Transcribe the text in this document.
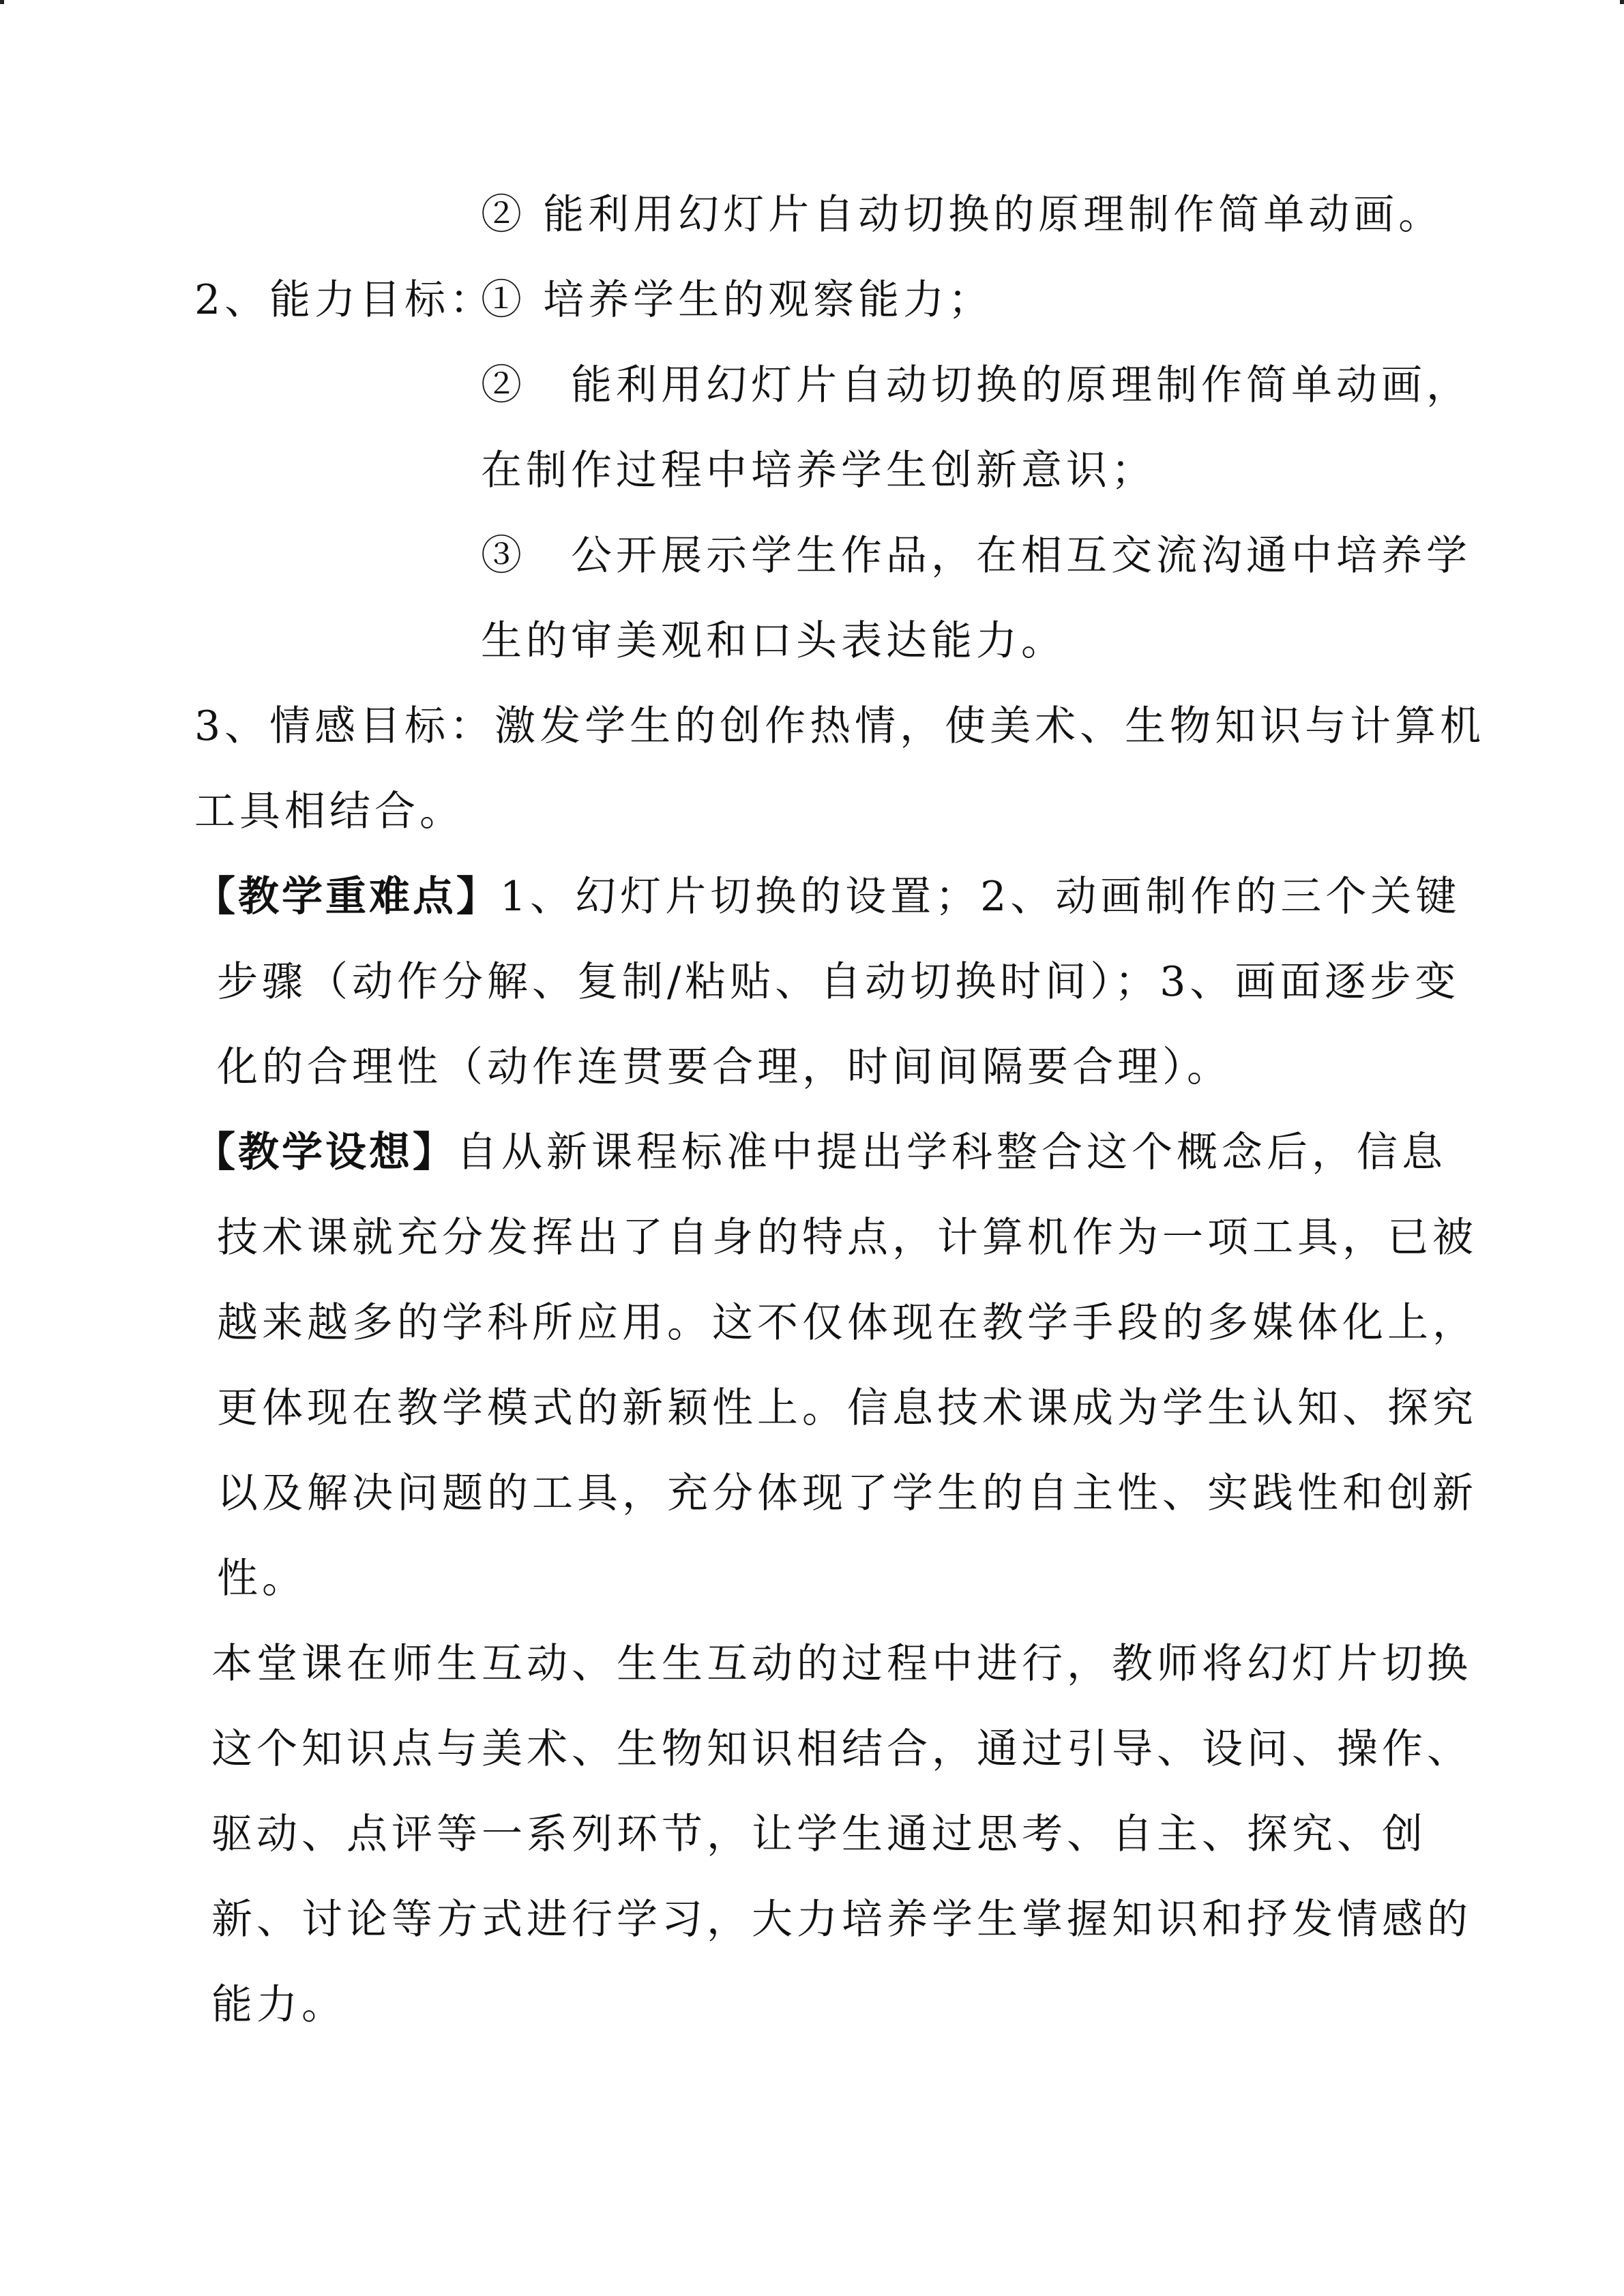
② 能利用幻灯片自动切换的原理制作简单动画。

2、能力目标：

① 培养学生的观察能力；

②　能利用幻灯片自动切换的原理制作简单动画，

在制作过程中培养学生创新意识；

③　公开展示学生作品，在相互交流沟通中培养学

生的审美观和口头表达能力。

3、情感目标：激发学生的创作热情，使美术、生物知识与计算机

工具相结合。

【教学重难点】1、幻灯片切换的设置；2、动画制作的三个关键

步骤（动作分解、复制/粘贴、自动切换时间）；3、画面逐步变

化的合理性（动作连贯要合理，时间间隔要合理）。

【教学设想】自从新课程标准中提出学科整合这个概念后，信息

技术课就充分发挥出了自身的特点，计算机作为一项工具，已被

越来越多的学科所应用。这不仅体现在教学手段的多媒体化上，

更体现在教学模式的新颖性上。信息技术课成为学生认知、探究

以及解决问题的工具，充分体现了学生的自主性、实践性和创新

性。

本堂课在师生互动、生生互动的过程中进行，教师将幻灯片切换

这个知识点与美术、生物知识相结合，通过引导、设问、操作、

驱动、点评等一系列环节，让学生通过思考、自主、探究、创

新、讨论等方式进行学习，大力培养学生掌握知识和抒发情感的

能力。
